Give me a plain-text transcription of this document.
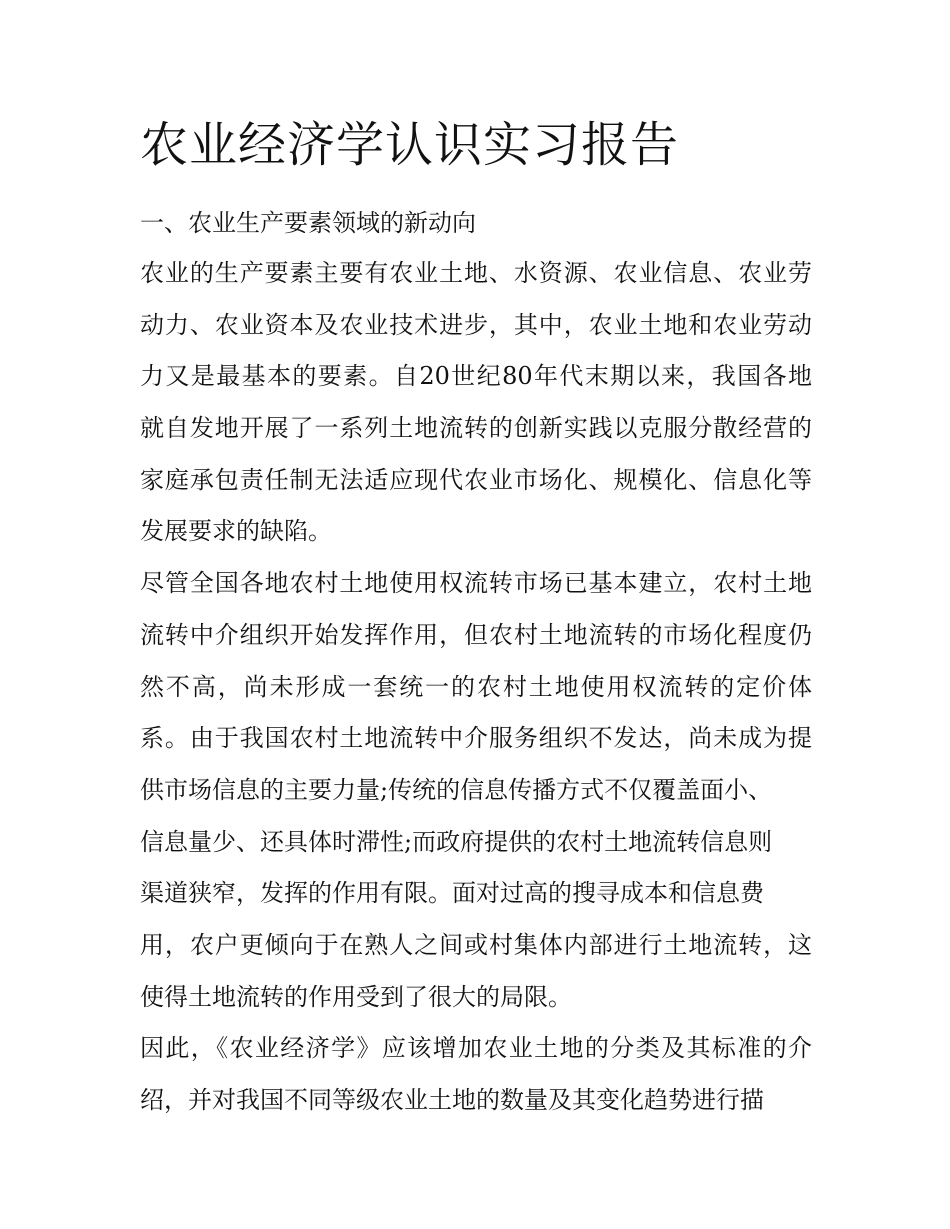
农业经济学认识实习报告
一、农业生产要素领域的新动向

农业的生产要素主要有农业土地、水资源、农业信息、农业劳
动力、农业资本及农业技术进步，其中，农业土地和农业劳动
力又是最基本的要素。自20世纪80年代末期以来，我国各地
就自发地开展了一系列土地流转的创新实践以克服分散经营的
家庭承包责任制无法适应现代农业市场化、规模化、信息化等
发展要求的缺陷。

尽管全国各地农村土地使用权流转市场已基本建立，农村土地
流转中介组织开始发挥作用，但农村土地流转的市场化程度仍
然不高，尚未形成一套统一的农村土地使用权流转的定价体
系。由于我国农村土地流转中介服务组织不发达，尚未成为提
供市场信息的主要力量;传统的信息传播方式不仅覆盖面小、
信息量少、还具体时滞性;而政府提供的农村土地流转信息则
渠道狭窄，发挥的作用有限。面对过高的搜寻成本和信息费
用，农户更倾向于在熟人之间或村集体内部进行土地流转，这
使得土地流转的作用受到了很大的局限。

因此，《农业经济学》应该增加农业土地的分类及其标准的介
绍，并对我国不同等级农业土地的数量及其变化趋势进行描
